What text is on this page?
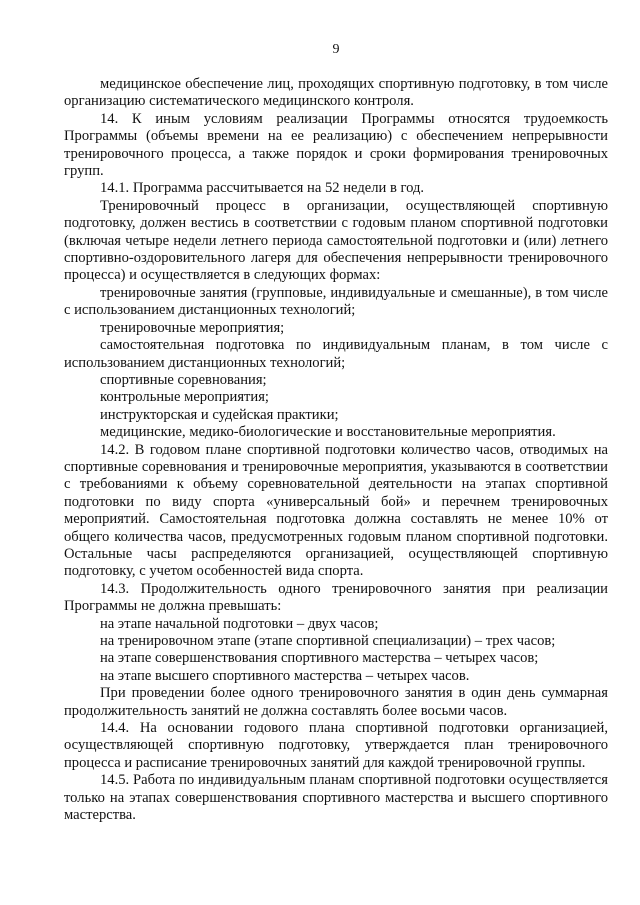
9

медицинское обеспечение лиц, проходящих спортивную подготовку, в том числе организацию систематического медицинского контроля.

14. К иным условиям реализации Программы относятся трудоемкость Программы (объемы времени на ее реализацию) с обеспечением непрерывности тренировочного процесса, а также порядок и сроки формирования тренировочных групп.

14.1. Программа рассчитывается на 52 недели в год.

Тренировочный процесс в организации, осуществляющей спортивную подготовку, должен вестись в соответствии с годовым планом спортивной подготовки (включая четыре недели летнего периода самостоятельной подготовки и (или) летнего спортивно-оздоровительного лагеря для обеспечения непрерывности тренировочного процесса) и осуществляется в следующих формах:

тренировочные занятия (групповые, индивидуальные и смешанные), в том числе с использованием дистанционных технологий;

тренировочные мероприятия;

самостоятельная подготовка по индивидуальным планам, в том числе с использованием дистанционных технологий;

спортивные соревнования;

контрольные мероприятия;

инструкторская и судейская практики;

медицинские, медико-биологические и восстановительные мероприятия.

14.2. В годовом плане спортивной подготовки количество часов, отводимых на спортивные соревнования и тренировочные мероприятия, указываются в соответствии с требованиями к объему соревновательной деятельности на этапах спортивной подготовки по виду спорта «универсальный бой» и перечнем тренировочных мероприятий. Самостоятельная подготовка должна составлять не менее 10% от общего количества часов, предусмотренных годовым планом спортивной подготовки. Остальные часы распределяются организацией, осуществляющей спортивную подготовку, с учетом особенностей вида спорта.

14.3. Продолжительность одного тренировочного занятия при реализации Программы не должна превышать:

на этапе начальной подготовки – двух часов;

на тренировочном этапе (этапе спортивной специализации) – трех часов;

на этапе совершенствования спортивного мастерства – четырех часов;

на этапе высшего спортивного мастерства – четырех часов.

При проведении более одного тренировочного занятия в один день суммарная продолжительность занятий не должна составлять более восьми часов.

14.4. На основании годового плана спортивной подготовки организацией, осуществляющей спортивную подготовку, утверждается план тренировочного процесса и расписание тренировочных занятий для каждой тренировочной группы.

14.5. Работа по индивидуальным планам спортивной подготовки осуществляется только на этапах совершенствования спортивного мастерства и высшего спортивного мастерства.
